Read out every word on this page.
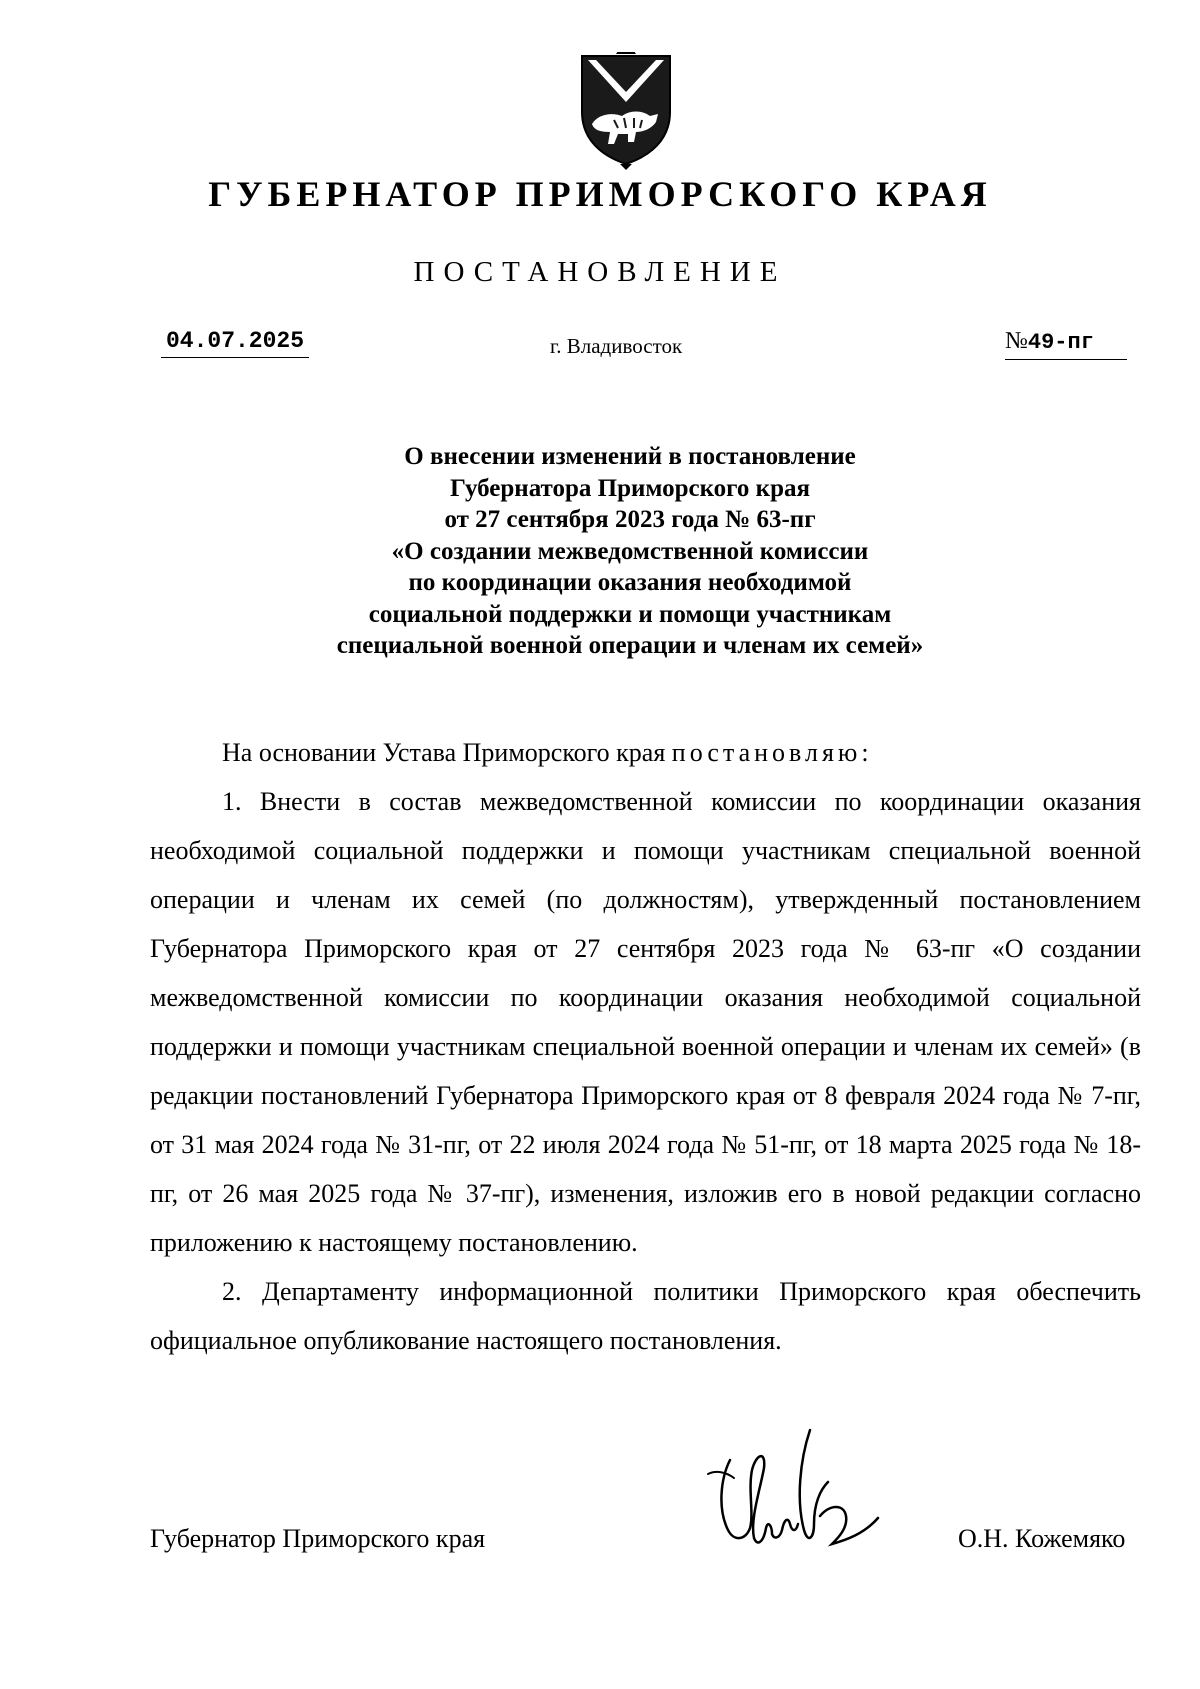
ГУБЕРНАТОР ПРИМОРСКОГО КРАЯ
ПОСТАНОВЛЕНИЕ
04.07.2025	г. Владивосток	№49-пг
О внесении изменений в постановление
Губернатора Приморского края
от 27 сентября 2023 года № 63-пг
«О создании межведомственной комиссии
по координации оказания необходимой
социальной поддержки и помощи участникам
специальной военной операции и членам их семей»

На основании Устава Приморского края постановляю:

1. Внести в состав межведомственной комиссии по координации оказания необходимой социальной поддержки и помощи участникам специальной военной операции и членам их семей (по должностям), утвержденный постановлением Губернатора Приморского края от 27 сентября 2023 года № 63-пг «О создании межведомственной комиссии по координации оказания необходимой социальной поддержки и помощи участникам специальной военной операции и членам их семей» (в редакции постановлений Губернатора Приморского края от 8 февраля 2024 года № 7-пг, от 31 мая 2024 года № 31-пг, от 22 июля 2024 года № 51-пг, от 18 марта 2025 года № 18-пг, от 26 мая 2025 года № 37-пг), изменения, изложив его в новой редакции согласно приложению к настоящему постановлению.

2. Департаменту информационной политики Приморского края обеспечить официальное опубликование настоящего постановления.

Губернатор Приморского края	О.Н. Кожемяко
